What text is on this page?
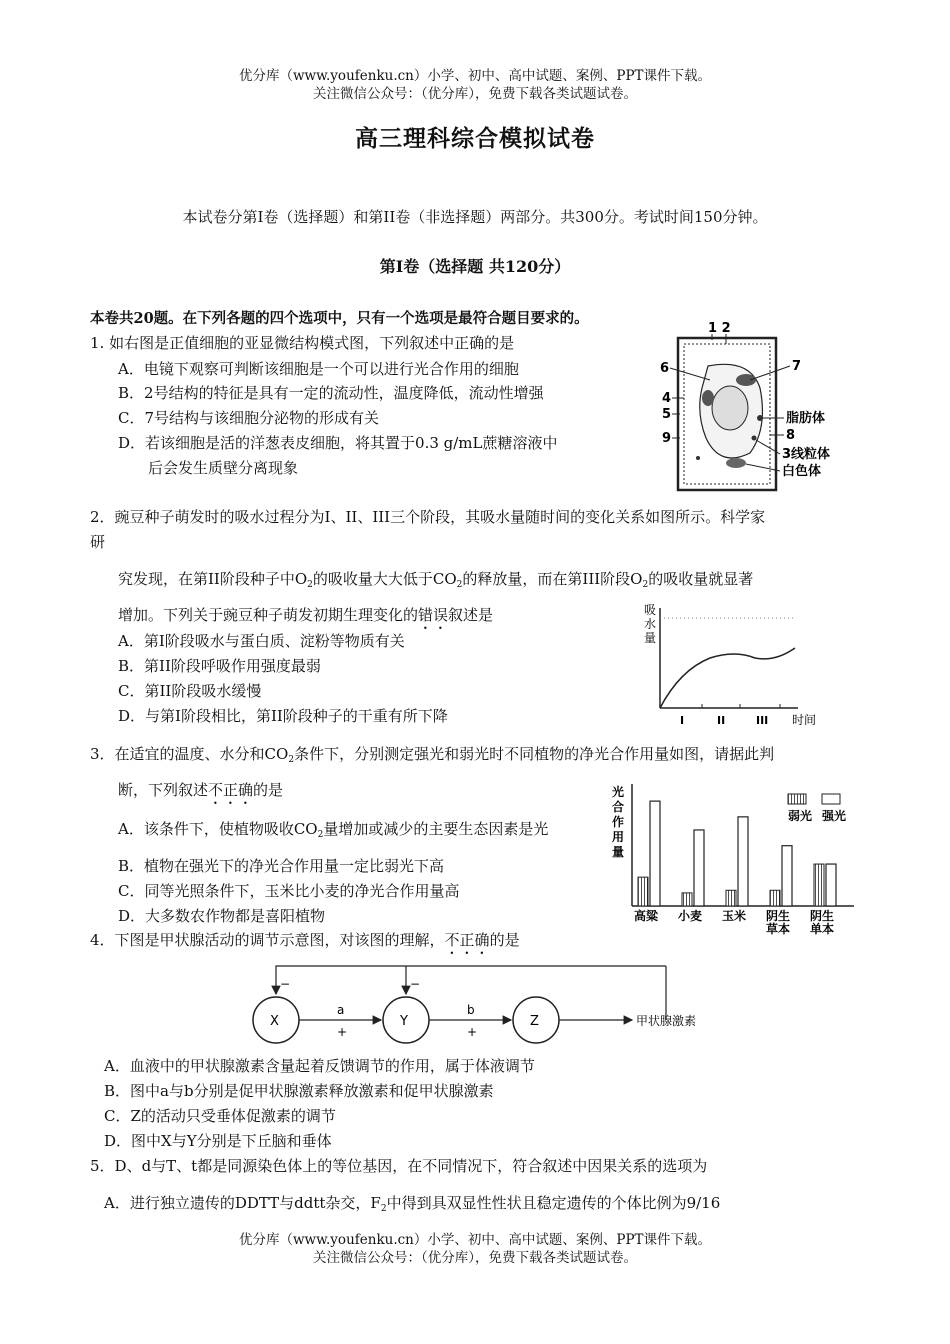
优分库（www.youfenku.cn）小学、初中、高中试题、案例、PPT课件下载。
关注微信公众号：（优分库），免费下载各类试题试卷。
高三理科综合模拟试卷
本试卷分第I卷（选择题）和第II卷（非选择题）两部分。共300分。考试时间150分钟。
第I卷（选择题 共120分）
本卷共20题。在下列各题的四个选项中，只有一个选项是最符合题目要求的。
1. 如右图是正值细胞的亚显微结构模式图，下列叙述中正确的是
A．电镜下观察可判断该细胞是一个可以进行光合作用的细胞
B．2号结构的特征是具有一定的流动性，温度降低，流动性增强
C．7号结构与该细胞分泌物的形成有关
D．若该细胞是活的洋葱表皮细胞，将其置于0.3 g/mL蔗糖溶液中
后会发生质壁分离现象
1 2
6	7
4
5
9
脂肪体
8
3线粒体
白色体
2．豌豆种子萌发时的吸水过程分为I、II、III三个阶段，其吸水量随时间的变化关系如图所示。科学家
研
究发现，在第II阶段种子中$O_2$的吸收量大大低于$CO_2$的释放量，而在第III阶段$O_2$的吸收量就显著
增加。下列关于豌豆种子萌发初期生理变化的错误叙述是
A．第I阶段吸水与蛋白质、淀粉等物质有关
B．第II阶段呼吸作用强度最弱
C．第II阶段吸水缓慢
D．与第I阶段相比，第II阶段种子的干重有所下降
吸
水
量
I	II	III 时间
3．在适宜的温度、水分和$CO_2$条件下，分别测定强光和弱光时不同植物的净光合作用量如图，请据此判
断，下列叙述不正确的是
A．该条件下，使植物吸收$CO_2$量增加或减少的主要生态因素是光
B．植物在强光下的净光合作用量一定比弱光下高
C．同等光照条件下，玉米比小麦的净光合作用量高
D．大多数农作物都是喜阳植物
光
合
作
用
量
高粱 小麦 玉米 阴生
草本
阴生
单本
弱光 强光
4．下图是甲状腺活动的调节示意图，对该图的理解，不正确的是
−	−
X	Y	Z
a
+
b
+
甲状腺激素
A．血液中的甲状腺激素含量起着反馈调节的作用，属于体液调节
B．图中a与b分别是促甲状腺激素释放激素和促甲状腺激素
C．Z的活动只受垂体促激素的调节
D．图中X与Y分别是下丘脑和垂体
5．D、d与T、t都是同源染色体上的等位基因，在不同情况下，符合叙述中因果关系的选项为
A．进行独立遗传的DDTT与ddtt杂交，$F_2$中得到具双显性性状且稳定遗传的个体比例为9/16
优分库（www.youfenku.cn）小学、初中、高中试题、案例、PPT课件下载。
关注微信公众号：（优分库），免费下载各类试题试卷。
